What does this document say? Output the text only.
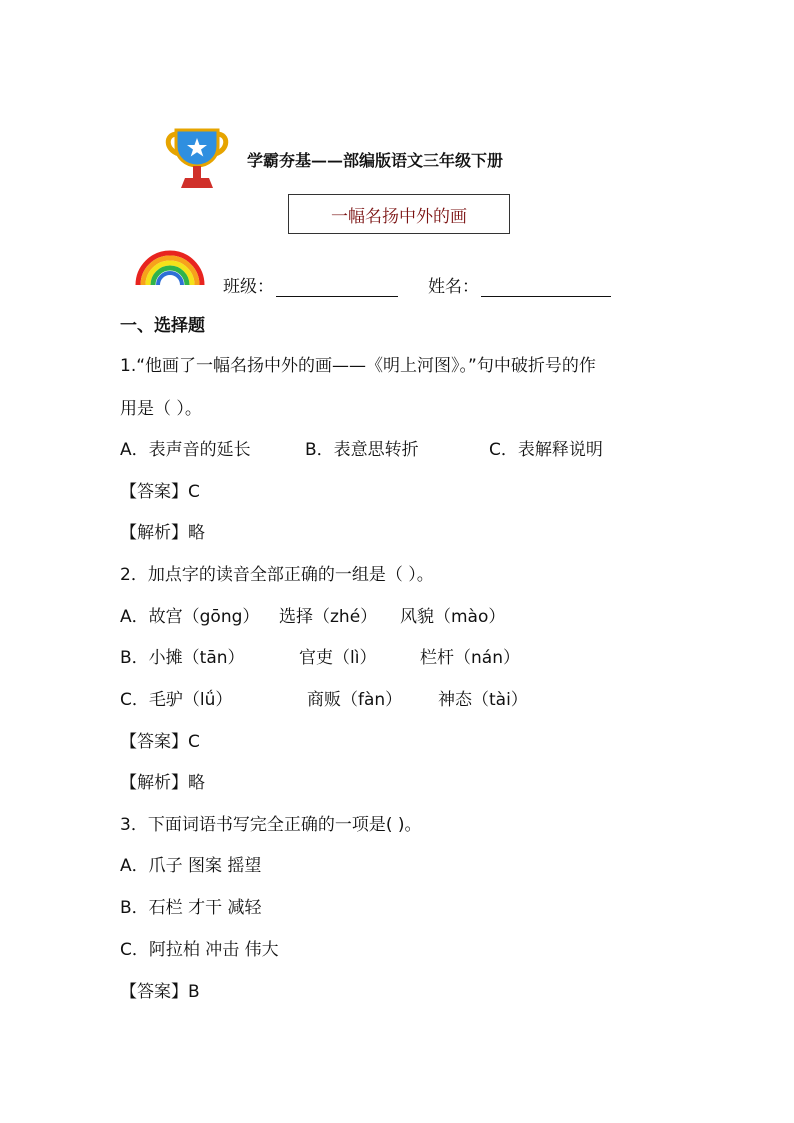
学霸夯基——部编版语文三年级下册
一幅名扬中外的画
班级：	姓名：
一、选择题
1.“他画了一幅名扬中外的画——《明上河图》。”句中破折号的作
用是（ ）。
A．表声音的延长	B．表意思转折	C．表解释说明
【答案】C
【解析】略
2．加点字的读音全部正确的一组是（ ）。
A．故宫（gōng） 选择（zhé） 风貌（mào）
B．小摊（tān）	官吏（lì）	栏杆（nán）
C．毛驴（lǘ）	商贩（fàn） 神态（tài）
【答案】C
【解析】略
3．下面词语书写完全正确的一项是( )。
A．爪子 图案 摇望
B．石栏 才干 减轻
C．阿拉柏 冲击 伟大
【答案】B
